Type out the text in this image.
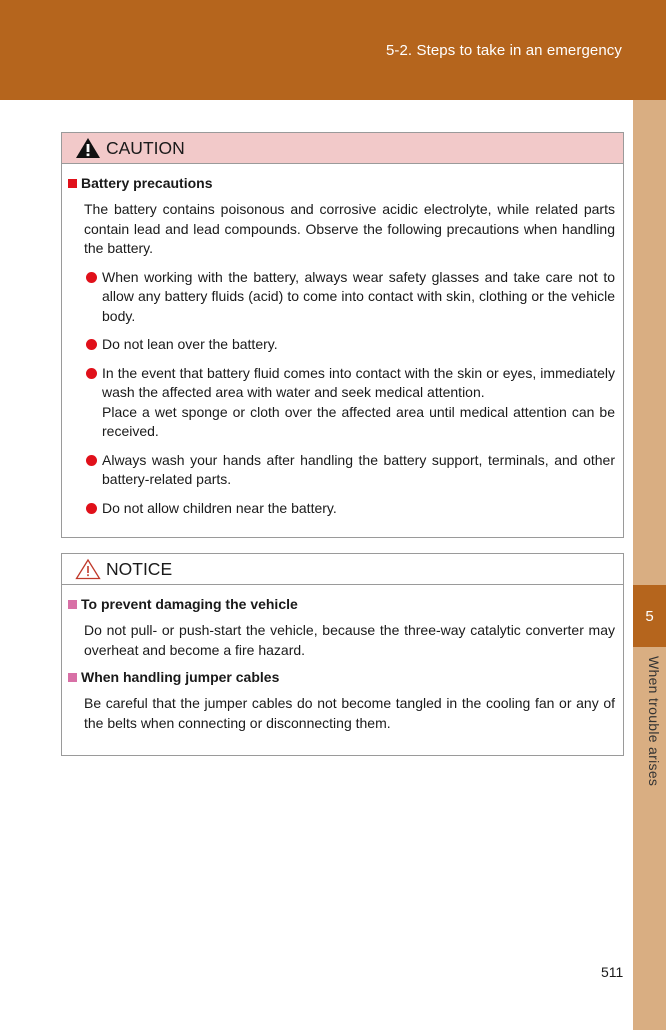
5-2. Steps to take in an emergency
5
When trouble arises
CAUTION
Battery precautions
The battery contains poisonous and corrosive acidic electrolyte, while related parts contain lead and lead compounds. Observe the following precautions when handling the battery.
When working with the battery, always wear safety glasses and take care not to allow any battery fluids (acid) to come into contact with skin, clothing or the vehicle body.
Do not lean over the battery.
In the event that battery fluid comes into contact with the skin or eyes, immediately wash the affected area with water and seek medical attention.
Place a wet sponge or cloth over the affected area until medical attention can be received.
Always wash your hands after handling the battery support, terminals, and other battery-related parts.
Do not allow children near the battery.
NOTICE
To prevent damaging the vehicle
Do not pull- or push-start the vehicle, because the three-way catalytic converter may overheat and become a fire hazard.
When handling jumper cables
Be careful that the jumper cables do not become tangled in the cooling fan or any of the belts when connecting or disconnecting them.
511
